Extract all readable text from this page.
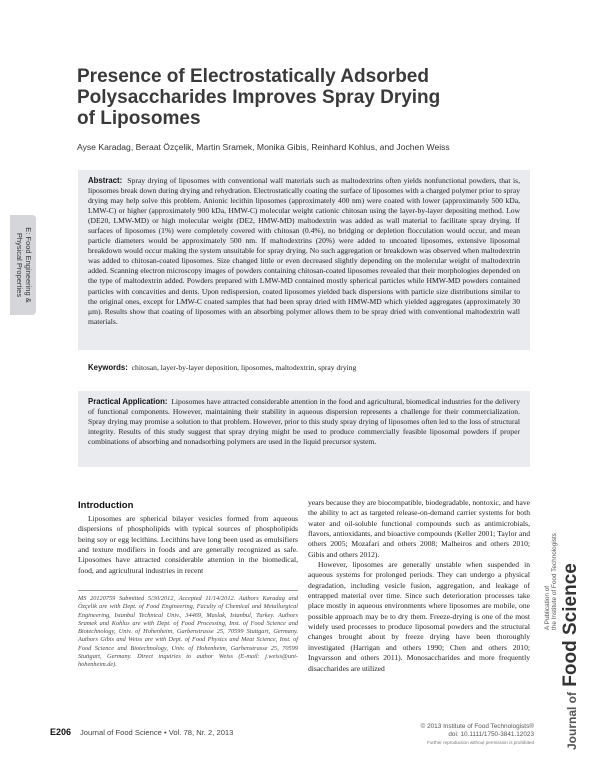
Presence of Electrostatically Adsorbed
Polysaccharides Improves Spray Drying
of Liposomes
Ayse Karadag, Beraat Özçelik, Martin Sramek, Monika Gibis, Reinhard Kohlus, and Jochen Weiss
E: Food Engineering &
Physical Properties
Abstract: Spray drying of liposomes with conventional wall materials such as maltodextrins often yields nonfunctional powders, that is, liposomes break down during drying and rehydration. Electrostatically coating the surface of liposomes with a charged polymer prior to spray drying may help solve this problem. Anionic lecithin liposomes (approximately 400 nm) were coated with lower (approximately 500 kDa, LMW-C) or higher (approximately 900 kDa, HMW-C) molecular weight cationic chitosan using the layer-by-layer depositing method. Low (DE20, LMW-MD) or high molecular weight (DE2, HMW-MD) maltodextrin was added as wall material to facilitate spray drying. If surfaces of liposomes (1%) were completely covered with chitosan (0.4%), no bridging or depletion flocculation would occur, and mean particle diameters would be approximately 500 nm. If maltodextrins (20%) were added to uncoated liposomes, extensive liposomal breakdown would occur making the system unsuitable for spray drying. No such aggregation or breakdown was observed when maltodextrin was added to chitosan-coated liposomes. Size changed little or even decreased slightly depending on the molecular weight of maltodextrin added. Scanning electron microscopy images of powders containing chitosan-coated liposomes revealed that their morphologies depended on the type of maltodextrin added. Powders prepared with LMW-MD contained mostly spherical particles while HMW-MD powders contained particles with concavities and dents. Upon redispersion, coated liposomes yielded back dispersions with particle size distributions similar to the original ones, except for LMW-C coated samples that had been spray dried with HMW-MD which yielded aggregates (approximately 30 μm). Results show that coating of liposomes with an absorbing polymer allows them to be spray dried with conventional maltodextrin wall materials.
Keywords: chitosan, layer-by-layer deposition, liposomes, maltodextrin, spray drying
Practical Application: Liposomes have attracted considerable attention in the food and agricultural, biomedical industries for the delivery of functional components. However, maintaining their stability in aqueous dispersion represents a challenge for their commercialization. Spray drying may promise a solution to that problem. However, prior to this study spray drying of liposomes often led to the loss of structural integrity. Results of this study suggest that spray drying might be used to produce commercially feasible liposomal powders if proper combinations of absorbing and nonadsorbing polymers are used in the liquid precursor system.
Introduction

Liposomes are spherical bilayer vesicles formed from aqueous dispersions of phospholipids with typical sources of phospholipids being soy or egg lecithins. Lecithins have long been used as emulsifiers and texture modifiers in foods and are generally recognized as safe. Liposomes have attracted considerable attention in the biomedical, food, and agricultural industries in recent

MS 20120759 Submitted 5/30/2012, Accepted 11/14/2012. Authors Karadag and Özçelik are with Dept. of Food Engineering, Faculty of Chemical and Metallurgical Engineering, Istanbul Technical Univ., 34469, Maslak, Istanbul, Turkey. Authors Sramek and Kohlus are with Dept. of Food Processing, Inst. of Food Science and Biotechnology, Univ. of Hohenheim, Garbenstrasse 25, 70599 Stuttgart, Germany. Authors Gibis and Weiss are with Dept. of Food Physics and Meat Science, Inst. of Food Science and Biotechnology, Univ. of Hohenheim, Garbenstrasse 25, 70599 Stuttgart, Germany. Direct inquiries to author Weiss (E-mail: j.weiss@uni-hohenheim.de).

years because they are biocompatible, biodegradable, nontoxic, and have the ability to act as targeted release-on-demand carrier systems for both water and oil-soluble functional compounds such as antimicrobials, flavors, antioxidants, and bioactive compounds (Keller 2001; Taylor and others 2005; Mozafari and others 2008; Malheiros and others 2010; Gibis and others 2012).

However, liposomes are generally unstable when suspended in aqueous systems for prolonged periods. They can undergo a physical degradation, including vesicle fusion, aggregation, and leakage of entrapped material over time. Since such deterioration processes take place mostly in aqueous environments where liposomes are mobile, one possible approach may be to dry them. Freeze-drying is one of the most widely used processes to produce liposomal powders and the structural changes brought about by freeze drying have been thoroughly investigated (Harrigan and others 1990; Chen and others 2010; Ingvarsson and others 2011). Monosaccharides and more frequently disaccharides are utilized

Journal of Food Science
A Publication of the Institute of Food Technologists
E206 Journal of Food Science • Vol. 78, Nr. 2, 2013
© 2013 Institute of Food Technologists®
doi: 10.1111/1750-3841.12023
Further reproduction without permission is prohibited
